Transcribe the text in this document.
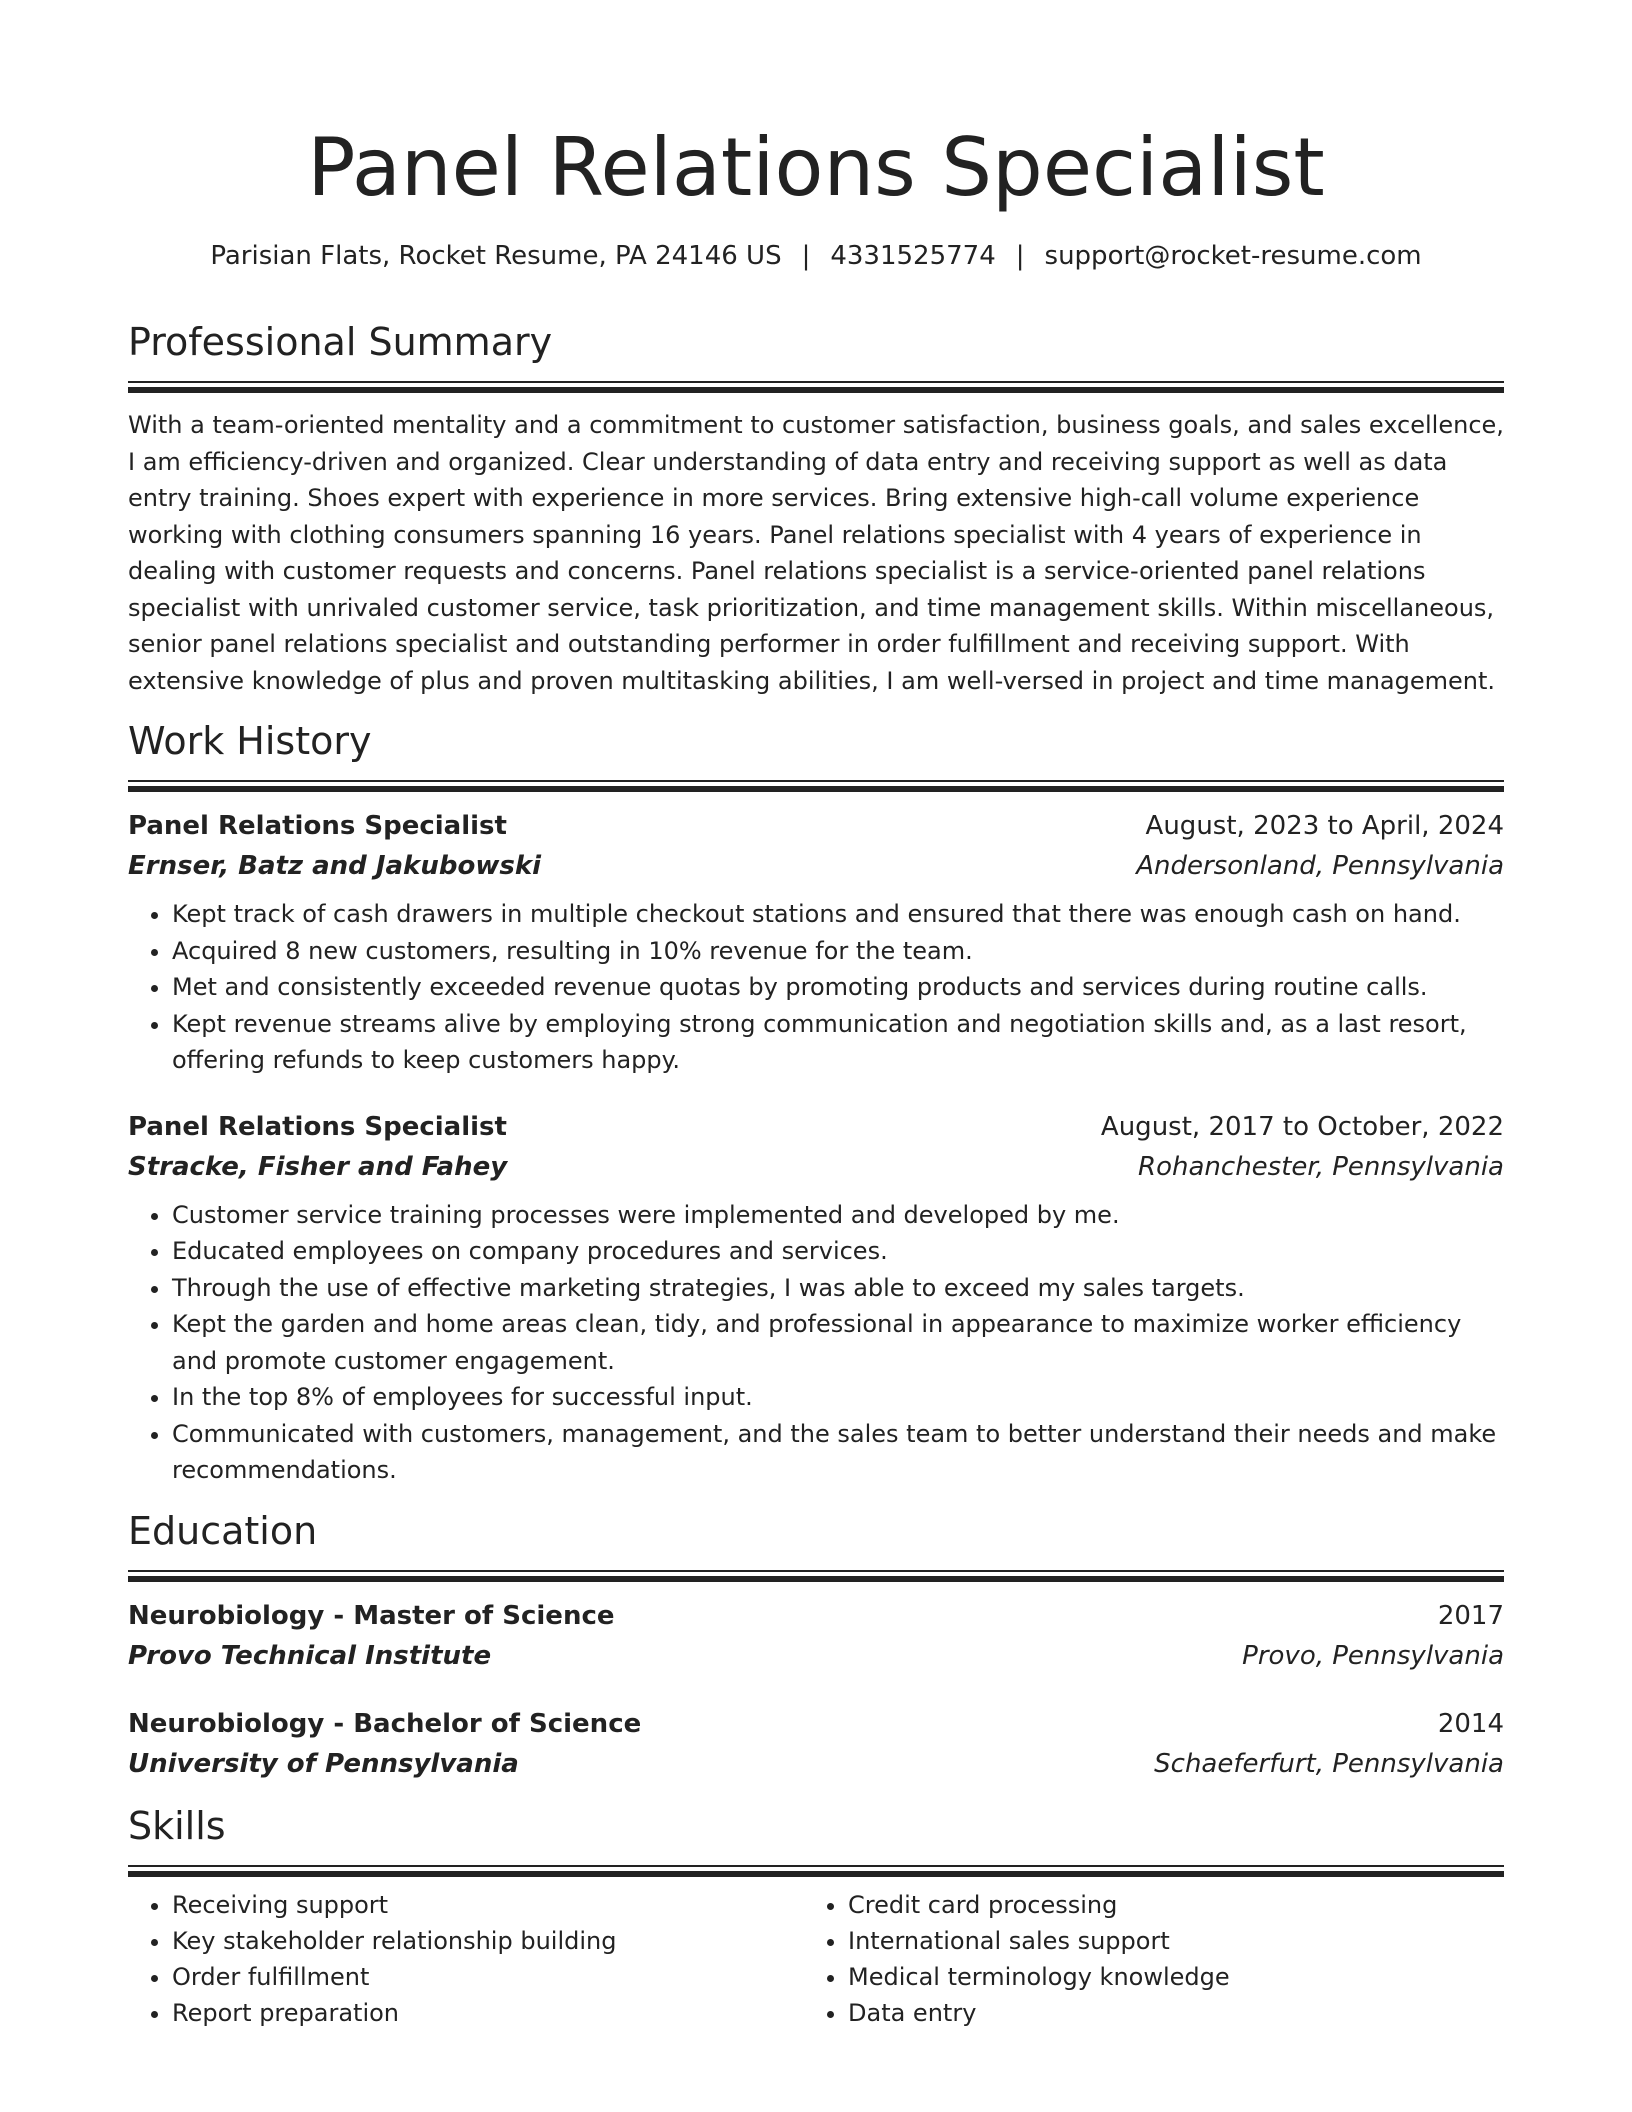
Panel Relations Specialist
Parisian Flats, Rocket Resume, PA 24146 US | 4331525774 | support@rocket-resume.com
Professional Summary
With a team-oriented mentality and a commitment to customer satisfaction, business goals, and sales excellence, I am efficiency-driven and organized. Clear understanding of data entry and receiving support as well as data entry training. Shoes expert with experience in more services. Bring extensive high-call volume experience working with clothing consumers spanning 16 years. Panel relations specialist with 4 years of experience in dealing with customer requests and concerns. Panel relations specialist is a service-oriented panel relations specialist with unrivaled customer service, task prioritization, and time management skills. Within miscellaneous, senior panel relations specialist and outstanding performer in order fulfillment and receiving support. With extensive knowledge of plus and proven multitasking abilities, I am well-versed in project and time management.
Work History
Panel Relations Specialist	August, 2023 to April, 2024
Ernser, Batz and Jakubowski	Andersonland, Pennsylvania
• Kept track of cash drawers in multiple checkout stations and ensured that there was enough cash on hand.
• Acquired 8 new customers, resulting in 10% revenue for the team.
• Met and consistently exceeded revenue quotas by promoting products and services during routine calls.
• Kept revenue streams alive by employing strong communication and negotiation skills and, as a last resort, offering refunds to keep customers happy.
Panel Relations Specialist	August, 2017 to October, 2022
Stracke, Fisher and Fahey	Rohanchester, Pennsylvania
• Customer service training processes were implemented and developed by me.
• Educated employees on company procedures and services.
• Through the use of effective marketing strategies, I was able to exceed my sales targets.
• Kept the garden and home areas clean, tidy, and professional in appearance to maximize worker efficiency and promote customer engagement.
• In the top 8% of employees for successful input.
• Communicated with customers, management, and the sales team to better understand their needs and make recommendations.
Education
Neurobiology - Master of Science	2017
Provo Technical Institute	Provo, Pennsylvania
Neurobiology - Bachelor of Science	2014
University of Pennsylvania	Schaeferfurt, Pennsylvania
Skills
• Receiving support
• Key stakeholder relationship building
• Order fulfillment
• Report preparation
• Credit card processing
• International sales support
• Medical terminology knowledge
• Data entry
